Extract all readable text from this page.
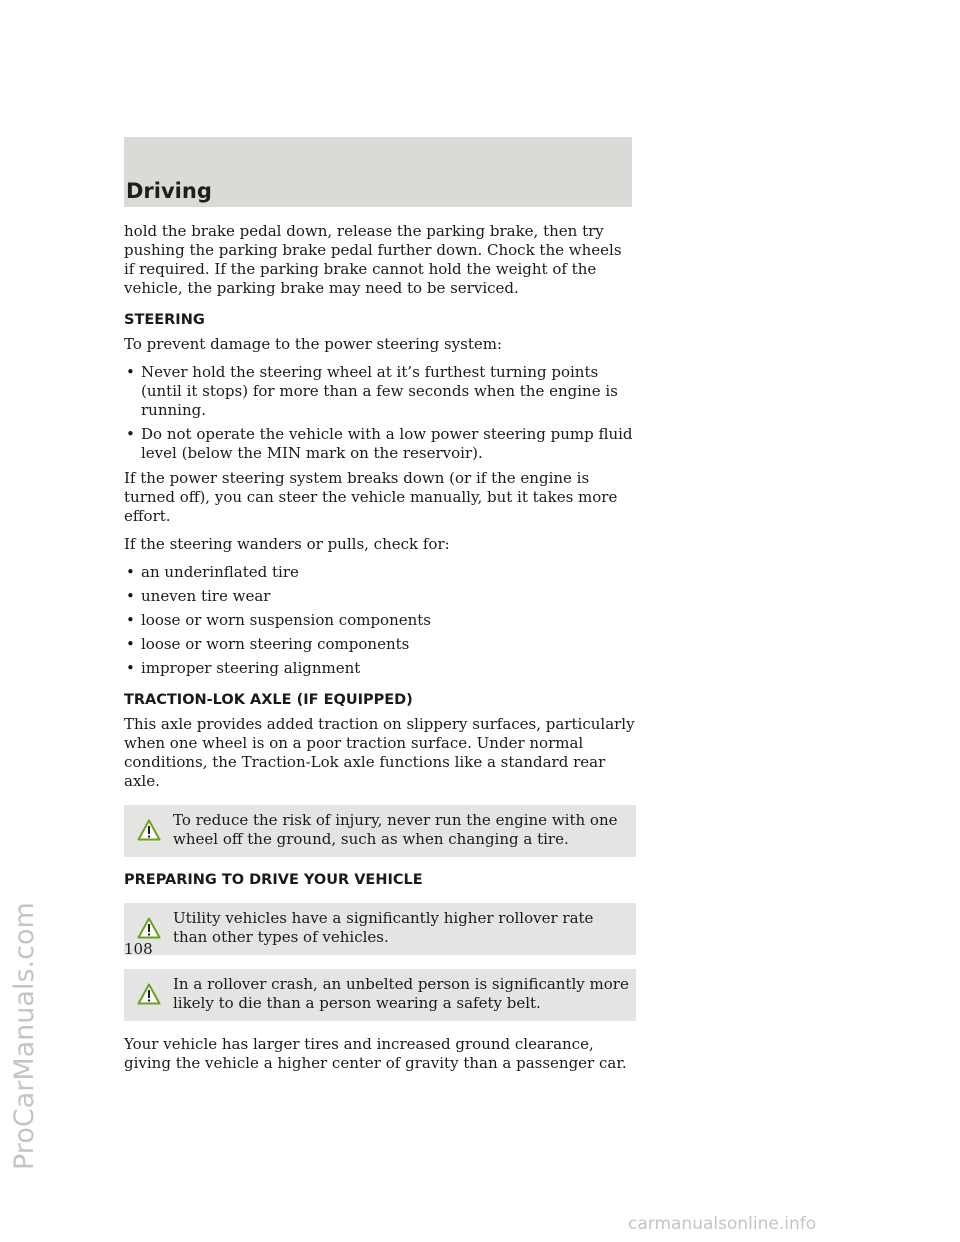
Driving

hold the brake pedal down, release the parking brake, then try pushing the parking brake pedal further down. Chock the wheels if required. If the parking brake cannot hold the weight of the vehicle, the parking brake may need to be serviced.

STEERING

To prevent damage to the power steering system:

• Never hold the steering wheel at it’s furthest turning points (until it stops) for more than a few seconds when the engine is running.
• Do not operate the vehicle with a low power steering pump fluid level (below the MIN mark on the reservoir).

If the power steering system breaks down (or if the engine is turned off), you can steer the vehicle manually, but it takes more effort.

If the steering wanders or pulls, check for:

• an underinflated tire
• uneven tire wear
• loose or worn suspension components
• loose or worn steering components
• improper steering alignment
TRACTION-LOK AXLE (IF EQUIPPED)

This axle provides added traction on slippery surfaces, particularly when one wheel is on a poor traction surface. Under normal conditions, the Traction-Lok axle functions like a standard rear axle.

To reduce the risk of injury, never run the engine with one wheel off the ground, such as when changing a tire.
PREPARING TO DRIVE YOUR VEHICLE
Utility vehicles have a significantly higher rollover rate than other types of vehicles.
In a rollover crash, an unbelted person is significantly more likely to die than a person wearing a safety belt.

Your vehicle has larger tires and increased ground clearance, giving the vehicle a higher center of gravity than a passenger car.

108
ProCarManuals.com
carmanualsonline.info
